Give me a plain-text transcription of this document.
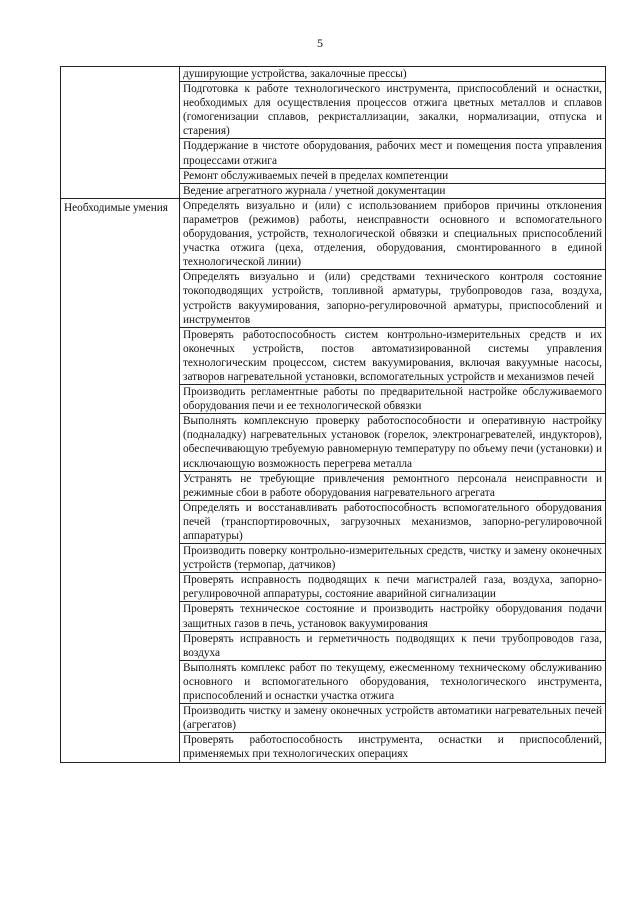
5
	душирующие устройства, закалочные прессы)
	Подготовка к работе технологического инструмента, приспособлений и оснастки, необходимых для осуществления процессов отжига цветных металлов и сплавов (гомогенизации сплавов, рекристаллизации, закалки, нормализации, отпуска и старения)
	Поддержание в чистоте оборудования, рабочих мест и помещения поста управления процессами отжига
	Ремонт обслуживаемых печей в пределах компетенции
	Ведение агрегатного журнала / учетной документации
Необходимые умения	Определять визуально и (или) с использованием приборов причины отклонения параметров (режимов) работы, неисправности основного и вспомогательного оборудования, устройств, технологической обвязки и специальных приспособлений участка отжига (цеха, отделения, оборудования, смонтированного в единой технологической линии)
	Определять визуально и (или) средствами технического контроля состояние токоподводящих устройств, топливной арматуры, трубопроводов газа, воздуха, устройств вакуумирования, запорно-регулировочной арматуры, приспособлений и инструментов
	Проверять работоспособность систем контрольно-измерительных средств и их оконечных устройств, постов автоматизированной системы управления технологическим процессом, систем вакуумирования, включая вакуумные насосы, затворов нагревательной установки, вспомогательных устройств и механизмов печей
	Производить регламентные работы по предварительной настройке обслуживаемого оборудования печи и ее технологической обвязки
	Выполнять комплексную проверку работоспособности и оперативную настройку (подналадку) нагревательных установок (горелок, электронагревателей, индукторов), обеспечивающую требуемую равномерную температуру по объему печи (установки) и исключающую возможность перегрева металла
	Устранять не требующие привлечения ремонтного персонала неисправности и режимные сбои в работе оборудования нагревательного агрегата
	Определять и восстанавливать работоспособность вспомогательного оборудования печей (транспортировочных, загрузочных механизмов, запорно-регулировочной аппаратуры)
	Производить поверку контрольно-измерительных средств, чистку и замену оконечных устройств (термопар, датчиков)
	Проверять исправность подводящих к печи магистралей газа, воздуха, запорно-регулировочной аппаратуры, состояние аварийной сигнализации
	Проверять техническое состояние и производить настройку оборудования подачи защитных газов в печь, установок вакуумирования
	Проверять исправность и герметичность подводящих к печи трубопроводов газа, воздуха
	Выполнять комплекс работ по текущему, ежесменному техническому обслуживанию основного и вспомогательного оборудования, технологического инструмента, приспособлений и оснастки участка отжига
	Производить чистку и замену оконечных устройств автоматики нагревательных печей (агрегатов)
	Проверять работоспособность инструмента, оснастки и приспособлений, применяемых при технологических операциях
